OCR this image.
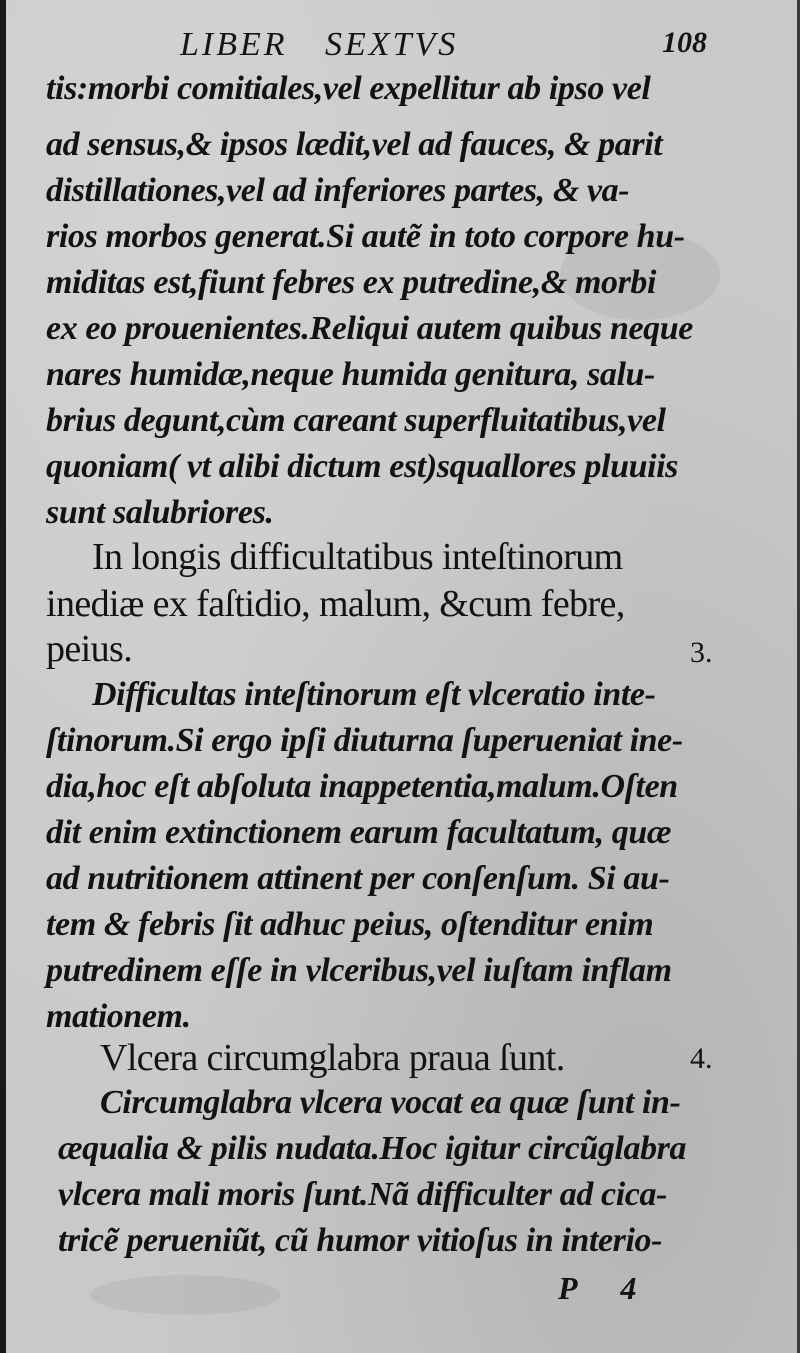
LIBER SEXTVS	108
tis:morbi comitiales,vel expellitur ab ipso vel
ad sensus,& ipsos lædit,vel ad fauces, & parit
distillationes,vel ad inferiores partes, & va-
rios morbos generat.Si autẽ in toto corpore hu-
miditas est,fiunt febres ex putredine,& morbi
ex eo prouenientes.Reliqui autem quibus neque
nares humidæ,neque humida genitura, salu-
brius degunt,cùm careant superfluitatibus,vel
quoniam( vt alibi dictum est)squallores pluuiis
sunt salubriores.
In longis difficultatibus inteſtinorum
inediæ ex faſtidio, malum, &cum febre,
peius.	3.
Difficultas inteſtinorum eſt vlceratio inte-
ſtinorum.Si ergo ipſi diuturna ſuperueniat ine-
dia,hoc eſt abſoluta inappetentia,malum.Oſten
dit enim extinctionem earum facultatum, quæ
ad nutritionem attinent per conſenſum. Si au-
tem & febris ſit adhuc peius, oſtenditur enim
putredinem eſſe in vlceribus,vel iuſtam inflam
mationem.
Vlcera circumglabra praua ſunt.	4.
Circumglabra vlcera vocat ea quæ ſunt in-
æqualia & pilis nudata.Hoc igitur circũglabra
vlcera mali moris ſunt.Nã difficulter ad cica-
tricẽ perueniũt, cũ humor vitioſus in interio-
P 4
